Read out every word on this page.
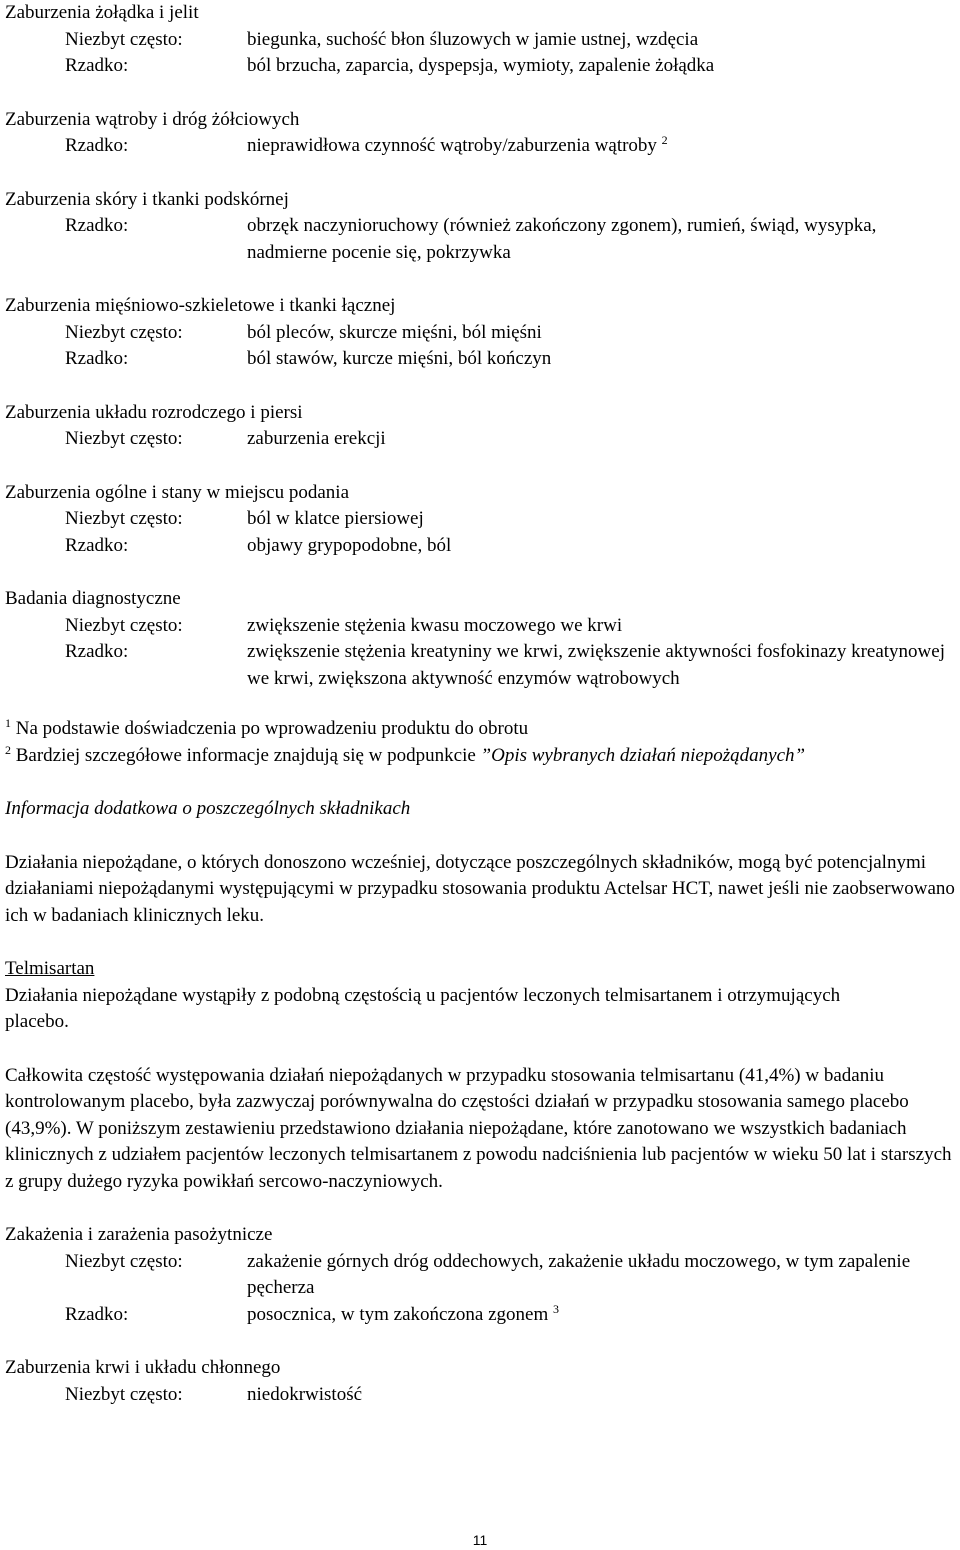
Zaburzenia żołądka i jelit
Niezbyt często:	biegunka, suchość błon śluzowych w jamie ustnej, wzdęcia
Rzadko:	ból brzucha, zaparcia, dyspepsja, wymioty, zapalenie żołądka
Zaburzenia wątroby i dróg żółciowych
Rzadko:	nieprawidłowa czynność wątroby/zaburzenia wątroby $^2$
Zaburzenia skóry i tkanki podskórnej
Rzadko:	obrzęk naczynioruchowy (również zakończony zgonem), rumień, świąd, wysypka, nadmierne pocenie się, pokrzywka
Zaburzenia mięśniowo-szkieletowe i tkanki łącznej
Niezbyt często:	ból pleców, skurcze mięśni, ból mięśni
Rzadko:	ból stawów, kurcze mięśni, ból kończyn
Zaburzenia układu rozrodczego i piersi
Niezbyt często:	zaburzenia erekcji
Zaburzenia ogólne i stany w miejscu podania
Niezbyt często:	ból w klatce piersiowej
Rzadko:	objawy grypopodobne, ból
Badania diagnostyczne
Niezbyt często:	zwiększenie stężenia kwasu moczowego we krwi
Rzadko:	zwiększenie stężenia kreatyniny we krwi, zwiększenie aktywności fosfokinazy kreatynowej we krwi, zwiększona aktywność enzymów wątrobowych
$^1$ Na podstawie doświadczenia po wprowadzeniu produktu do obrotu
$^2$ Bardziej szczegółowe informacje znajdują się w podpunkcie ”Opis wybranych działań niepożądanych”

Informacja dodatkowa o poszczególnych składnikach

Działania niepożądane, o których donoszono wcześniej, dotyczące poszczególnych składników, mogą być potencjalnymi działaniami niepożądanymi występującymi w przypadku stosowania produktu Actelsar HCT, nawet jeśli nie zaobserwowano ich w badaniach klinicznych leku.

Telmisartan

Działania niepożądane wystąpiły z podobną częstością u pacjentów leczonych telmisartanem i otrzymujących placebo.

Całkowita częstość występowania działań niepożądanych w przypadku stosowania telmisartanu (41,4%) w badaniu kontrolowanym placebo, była zazwyczaj porównywalna do częstości działań w przypadku stosowania samego placebo (43,9%). W poniższym zestawieniu przedstawiono działania niepożądane, które zanotowano we wszystkich badaniach klinicznych z udziałem pacjentów leczonych telmisartanem z powodu nadciśnienia lub pacjentów w wieku 50 lat i starszych z grupy dużego ryzyka powikłań sercowo-naczyniowych.

Zakażenia i zarażenia pasożytnicze
Niezbyt często:	zakażenie górnych dróg oddechowych, zakażenie układu moczowego, w tym zapalenie pęcherza
Rzadko:	posocznica, w tym zakończona zgonem $^3$
Zaburzenia krwi i układu chłonnego
Niezbyt często:	niedokrwistość
11
